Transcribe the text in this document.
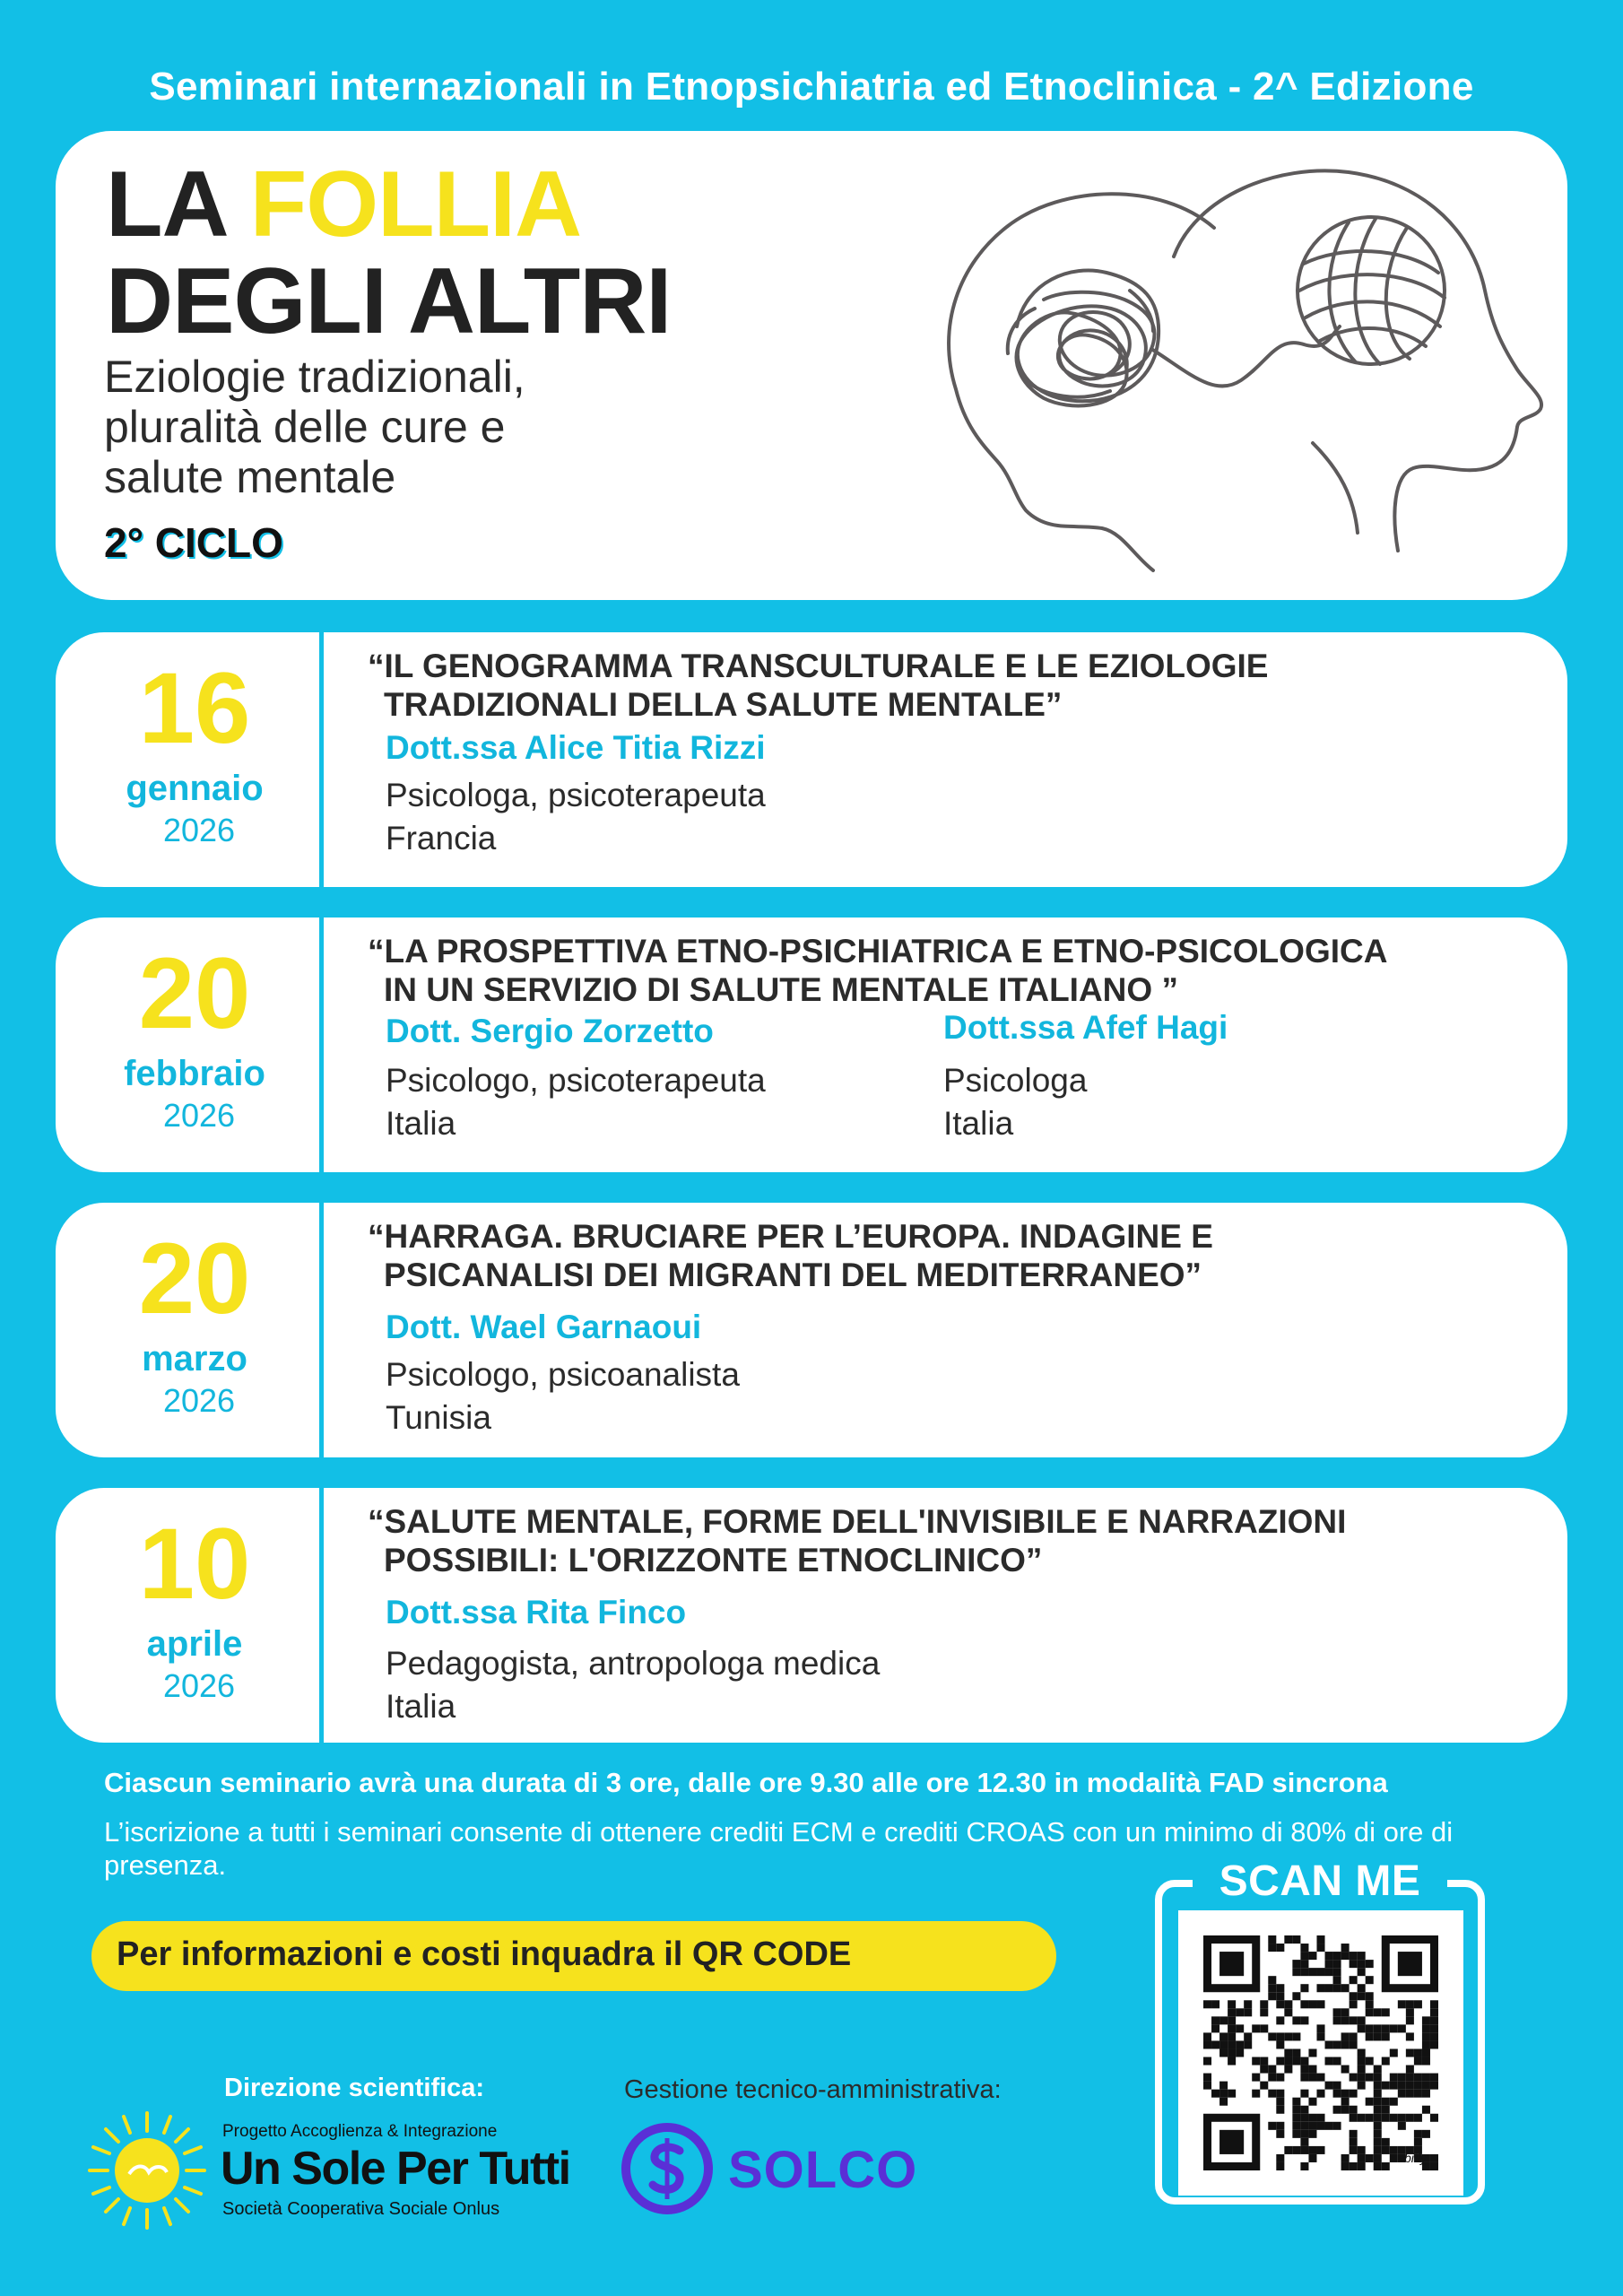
Seminari internazionali in Etnopsichiatria ed Etnoclinica - 2^ Edizione
LA FOLLIA
DEGLI ALTRI
Eziologie tradizionali,
pluralità delle cure e
salute mentale
2° CICLO
16
gennaio
2026
“IL GENOGRAMMA TRANSCULTURALE E LE EZIOLOGIE
TRADIZIONALI DELLA SALUTE MENTALE”
Dott.ssa Alice Titia Rizzi
Psicologa, psicoterapeuta
Francia
20
febbraio
2026
“LA PROSPETTIVA ETNO-PSICHIATRICA E ETNO-PSICOLOGICA
IN UN SERVIZIO DI SALUTE MENTALE ITALIANO ”
Dott. Sergio Zorzetto
Psicologo, psicoterapeuta
Italia
Dott.ssa Afef Hagi
Psicologa
Italia
20
marzo
2026
“HARRAGA. BRUCIARE PER L’EUROPA. INDAGINE E
PSICANALISI DEI MIGRANTI DEL MEDITERRANEO”
Dott. Wael Garnaoui
Psicologo, psicoanalista
Tunisia
10
aprile
2026
“SALUTE MENTALE, FORME DELL'INVISIBILE E NARRAZIONI
POSSIBILI: L'ORIZZONTE ETNOCLINICO”
Dott.ssa Rita Finco
Pedagogista, antropologa medica
Italia
Ciascun seminario avrà una durata di 3 ore, dalle ore 9.30 alle ore 12.30 in modalità FAD sincrona
L’iscrizione a tutti i seminari consente di ottenere crediti ECM e crediti CROAS con un minimo di 80% di ore di presenza.
Per informazioni e costi inquadra il QR CODE
Direzione scientifica:	Gestione tecnico-amministrativa:
Progetto Accoglienza & Integrazione
Un Sole Per Tutti
Società Cooperativa Sociale Onlus
SOLCO
SCAN ME
bitly
